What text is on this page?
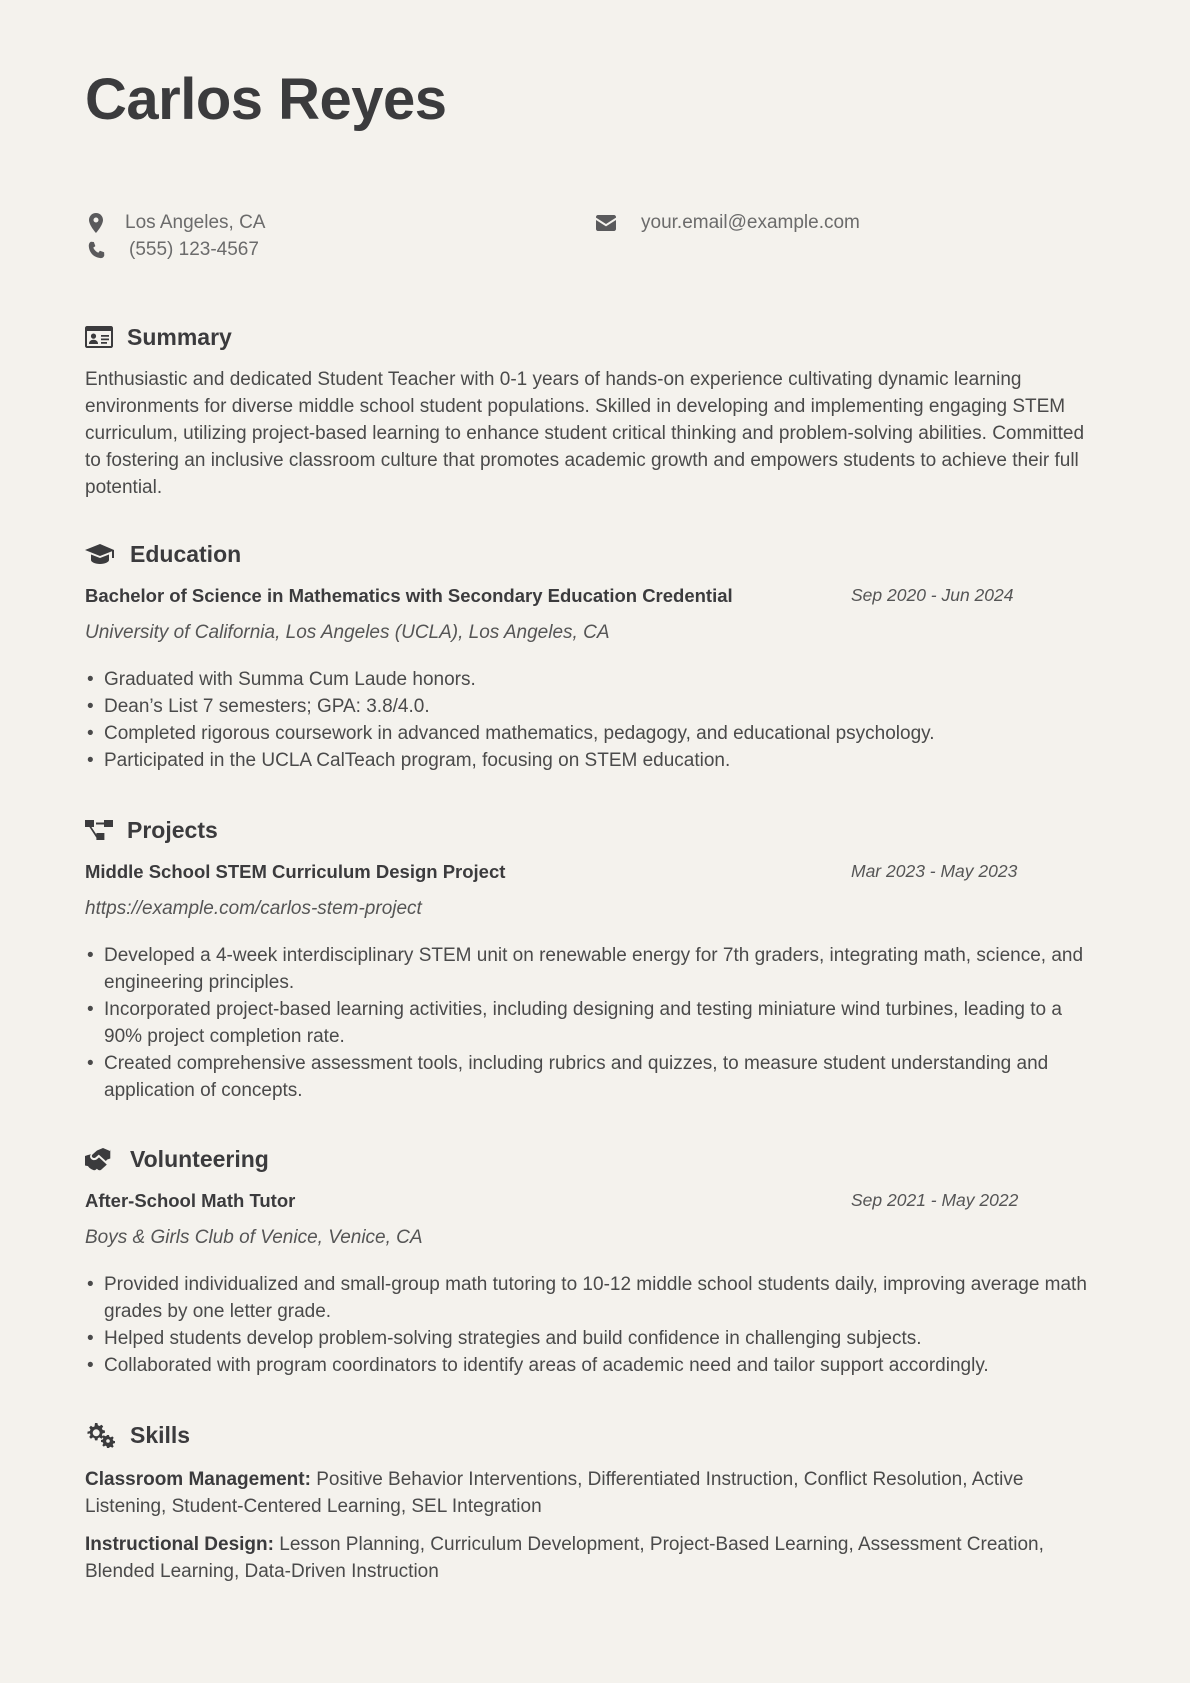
Carlos Reyes
Los Angeles, CA
(555) 123-4567
your.email@example.com
Summary

Enthusiastic and dedicated Student Teacher with 0-1 years of hands-on experience cultivating dynamic learning environments for diverse middle school student populations. Skilled in developing and implementing engaging STEM curriculum, utilizing project-based learning to enhance student critical thinking and problem-solving abilities. Committed to fostering an inclusive classroom culture that promotes academic growth and empowers students to achieve their full potential.

Education
Bachelor of Science in Mathematics with Secondary Education Credential	Sep 2020 - Jun 2024
University of California, Los Angeles (UCLA), Los Angeles, CA
• Graduated with Summa Cum Laude honors.
• Dean’s List 7 semesters; GPA: 3.8/4.0.
• Completed rigorous coursework in advanced mathematics, pedagogy, and educational psychology.
• Participated in the UCLA CalTeach program, focusing on STEM education.
Projects
Middle School STEM Curriculum Design Project	Mar 2023 - May 2023
https://example.com/carlos-stem-project
• Developed a 4-week interdisciplinary STEM unit on renewable energy for 7th graders, integrating math, science, and engineering principles.
• Incorporated project-based learning activities, including designing and testing miniature wind turbines, leading to a 90% project completion rate.
• Created comprehensive assessment tools, including rubrics and quizzes, to measure student understanding and application of concepts.
Volunteering
After-School Math Tutor	Sep 2021 - May 2022
Boys & Girls Club of Venice, Venice, CA
• Provided individualized and small-group math tutoring to 10-12 middle school students daily, improving average math grades by one letter grade.
• Helped students develop problem-solving strategies and build confidence in challenging subjects.
• Collaborated with program coordinators to identify areas of academic need and tailor support accordingly.
Skills

Classroom Management: Positive Behavior Interventions, Differentiated Instruction, Conflict Resolution, Active Listening, Student-Centered Learning, SEL Integration

Instructional Design: Lesson Planning, Curriculum Development, Project-Based Learning, Assessment Creation, Blended Learning, Data-Driven Instruction
